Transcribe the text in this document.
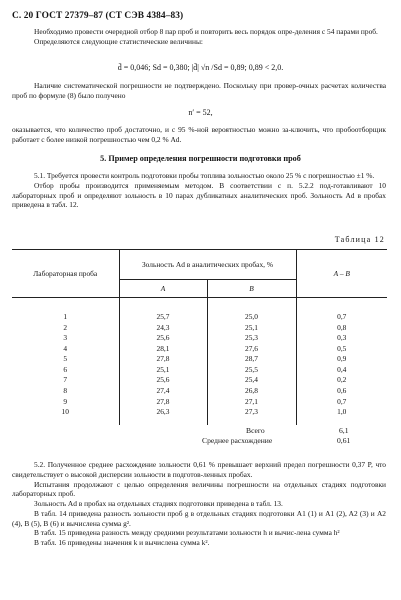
С. 20 ГОСТ 27379–87 (СТ СЭВ 4384–83)

Необходимо провести очередной отбор 8 пар проб и повторить весь порядок опре-деления с 54 парами проб.

Определяются следующие статистические величины:

d̄ = 0,046; Sd = 0,380; |d̄| √n /Sd = 0,89; 0,89 < 2,0.

Наличие систематической погрешности не подтверждено. Поскольку при провер-очных расчетах количества проб по формуле (8) было получено

n′ = 52,

оказывается, что количество проб достаточно, и с 95 %-ной вероятностью можно за-ключить, что пробоотборщик работает с более низкой погрешностью чем 0,2 % Ad.

5. Пример определения погрешности подготовки проб

5.1. Требуется провести контроль подготовки пробы топлива зольностью около 25 % с погрешностью ±1 %.

Отбор пробы производится применяемым методом. В соответствии с п. 5.2.2 под-готавливают 10 лабораторных проб и определяют зольность в 10 парах дубликатных аналитических проб. Зольность Ad в пробах приведена в табл. 12.

Таблица 12
Лабораторная проба	Зольность Ad в аналитических пробах, %		A – B
	A	B	

1	25,7	25,0	0,7
2	24,3	25,1	0,8
3	25,6	25,3	0,3
4	28,1	27,6	0,5
5	27,8	28,7	0,9
6	25,1	25,5	0,4
7	25,6	25,4	0,2
8	27,4	26,8	0,6
9	27,8	27,1	0,7
10	26,3	27,3	1,0

Всего	6,1
Среднее расхождение	0,61

5.2. Полученное среднее расхождение зольности 0,61 % превышает верхний предел погрешности 0,37 P, что свидетельствует о высокой дисперсии зольности в подготов-ленных пробах.

Испытания продолжают с целью определения величины погрешности на отдельных стадиях подготовки лабораторных проб.

Зольность Ad в пробах на отдельных стадиях подготовки приведена в табл. 13.

В табл. 14 приведена разность зольности проб g в отдельных стадиях подготовки A1 (1) и A1 (2), A2 (3) и A2 (4), B (5), B (6) и вычислена сумма g².

В табл. 15 приведена разность между средними результатами зольности h и вычис-лена сумма h²

В табл. 16 приведены значения k и вычислена сумма k².
